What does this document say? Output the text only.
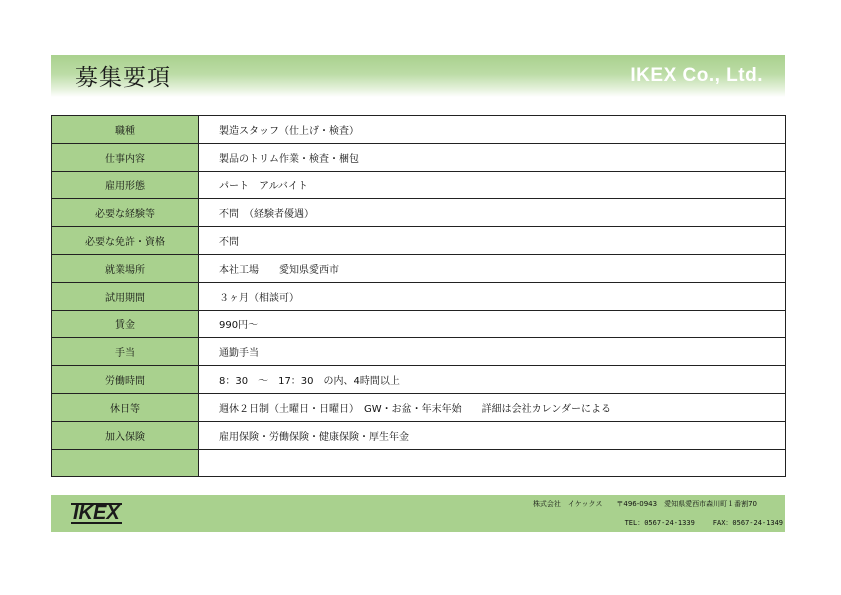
募集要項	IKEX Co., Ltd.
職種	製造スタッフ（仕上げ・検査）
仕事内容	製品のトリム作業・検査・梱包
雇用形態	パート　アルバイト
必要な経験等	不問　（経験者優遇）
必要な免許・資格	不問
就業場所	本社工場　　愛知県愛西市
試用期間	３ヶ月（相談可）
賃金	990円～
手当	通勤手当
労働時間	8：30　～　17：30　の内、4時間以上
休日等	週休２日制（土曜日・日曜日）　GW・お盆・年末年始　　詳細は会社カレンダーによる
加入保険	雇用保険・労働保険・健康保険・厚生年金

IKEX	株式会社　イケックス 〒496-0943　愛知県愛西市森川町１番割70
TEL：0567-24-1339	FAX：0567-24-1349
